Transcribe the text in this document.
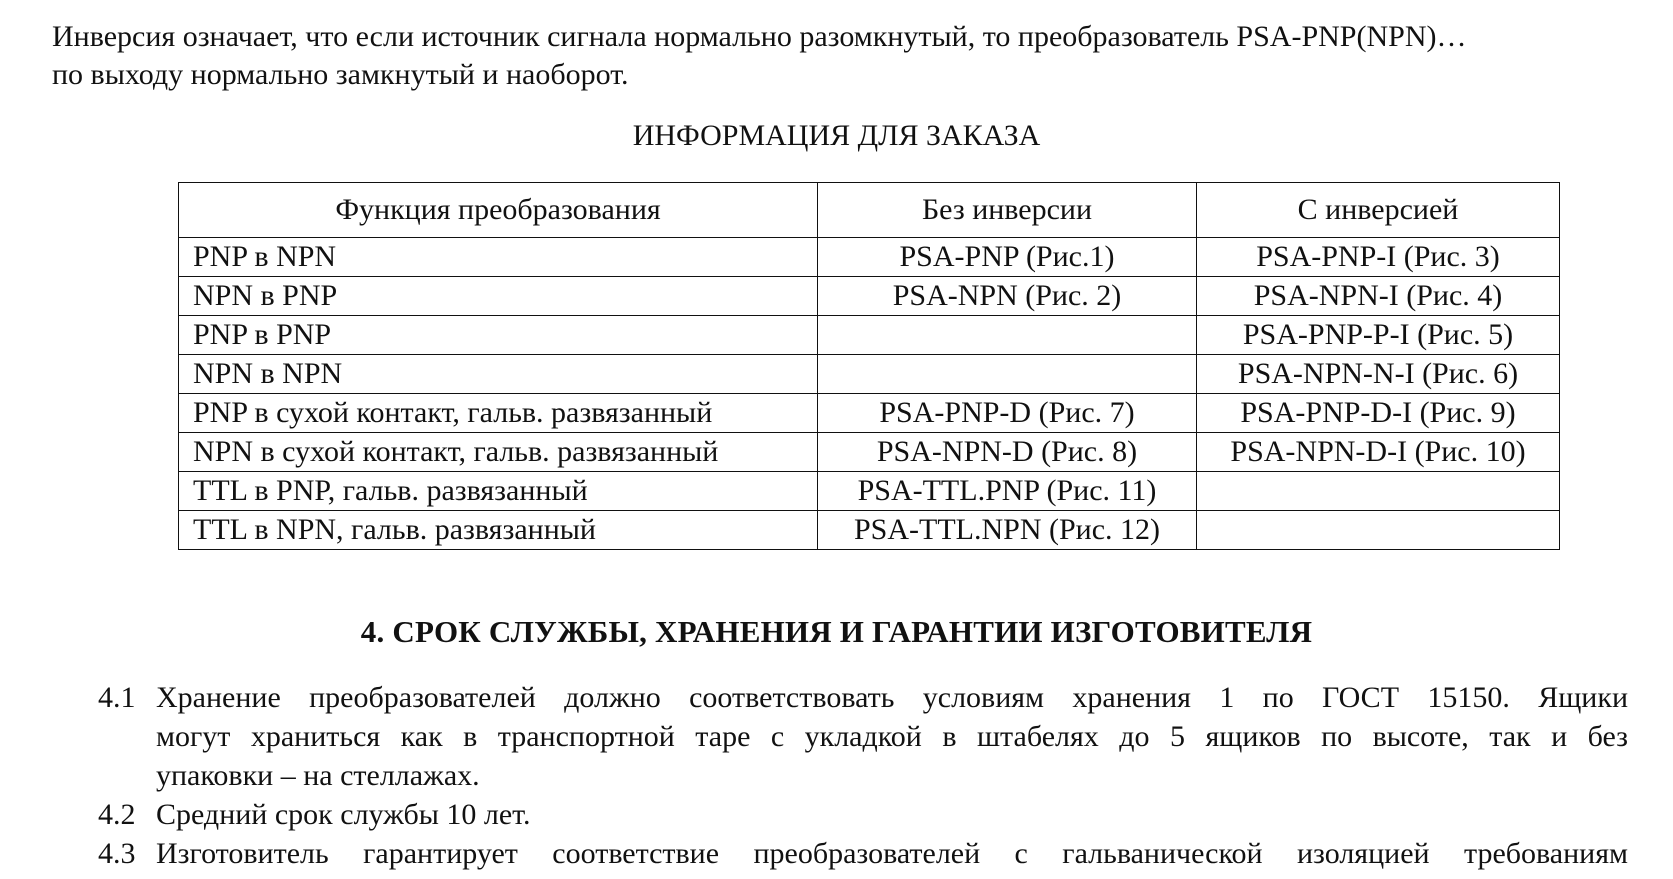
Инверсия означает, что если источник сигнала нормально разомкнутый, то преобразователь PSA-PNP(NPN)…
по выходу нормально замкнутый и наоборот.
ИНФОРМАЦИЯ ДЛЯ ЗАКАЗА
Функция преобразования	Без инверсии	С инверсией
PNP в NPN	PSA-PNP (Рис.1)	PSA-PNP-I (Рис. 3)
NPN в PNP	PSA-NPN (Рис. 2)	PSA-NPN-I (Рис. 4)
PNP в PNP		PSA-PNP-P-I (Рис. 5)
NPN в NPN		PSA-NPN-N-I (Рис. 6)
PNP в сухой контакт, гальв. развязанный	PSA-PNP-D (Рис. 7)	PSA-PNP-D-I (Рис. 9)
NPN в сухой контакт, гальв. развязанный	PSA-NPN-D (Рис. 8)	PSA-NPN-D-I (Рис. 10)
TTL в PNP, гальв. развязанный	PSA-TTL.PNP (Рис. 11)	
TTL в NPN, гальв. развязанный	PSA-TTL.NPN (Рис. 12)	
4. СРОК СЛУЖБЫ, ХРАНЕНИЯ И ГАРАНТИИ ИЗГОТОВИТЕЛЯ
4.1 Хранение преобразователей должно соответствовать условиям хранения 1 по ГОСТ 15150. Ящики
могут храниться как в транспортной таре с укладкой в штабелях до 5 ящиков по высоте, так и без
упаковки – на стеллажах.
4.2 Средний срок службы 10 лет.
4.3 Изготовитель гарантирует соответствие преобразователей с гальванической изоляцией требованиям
